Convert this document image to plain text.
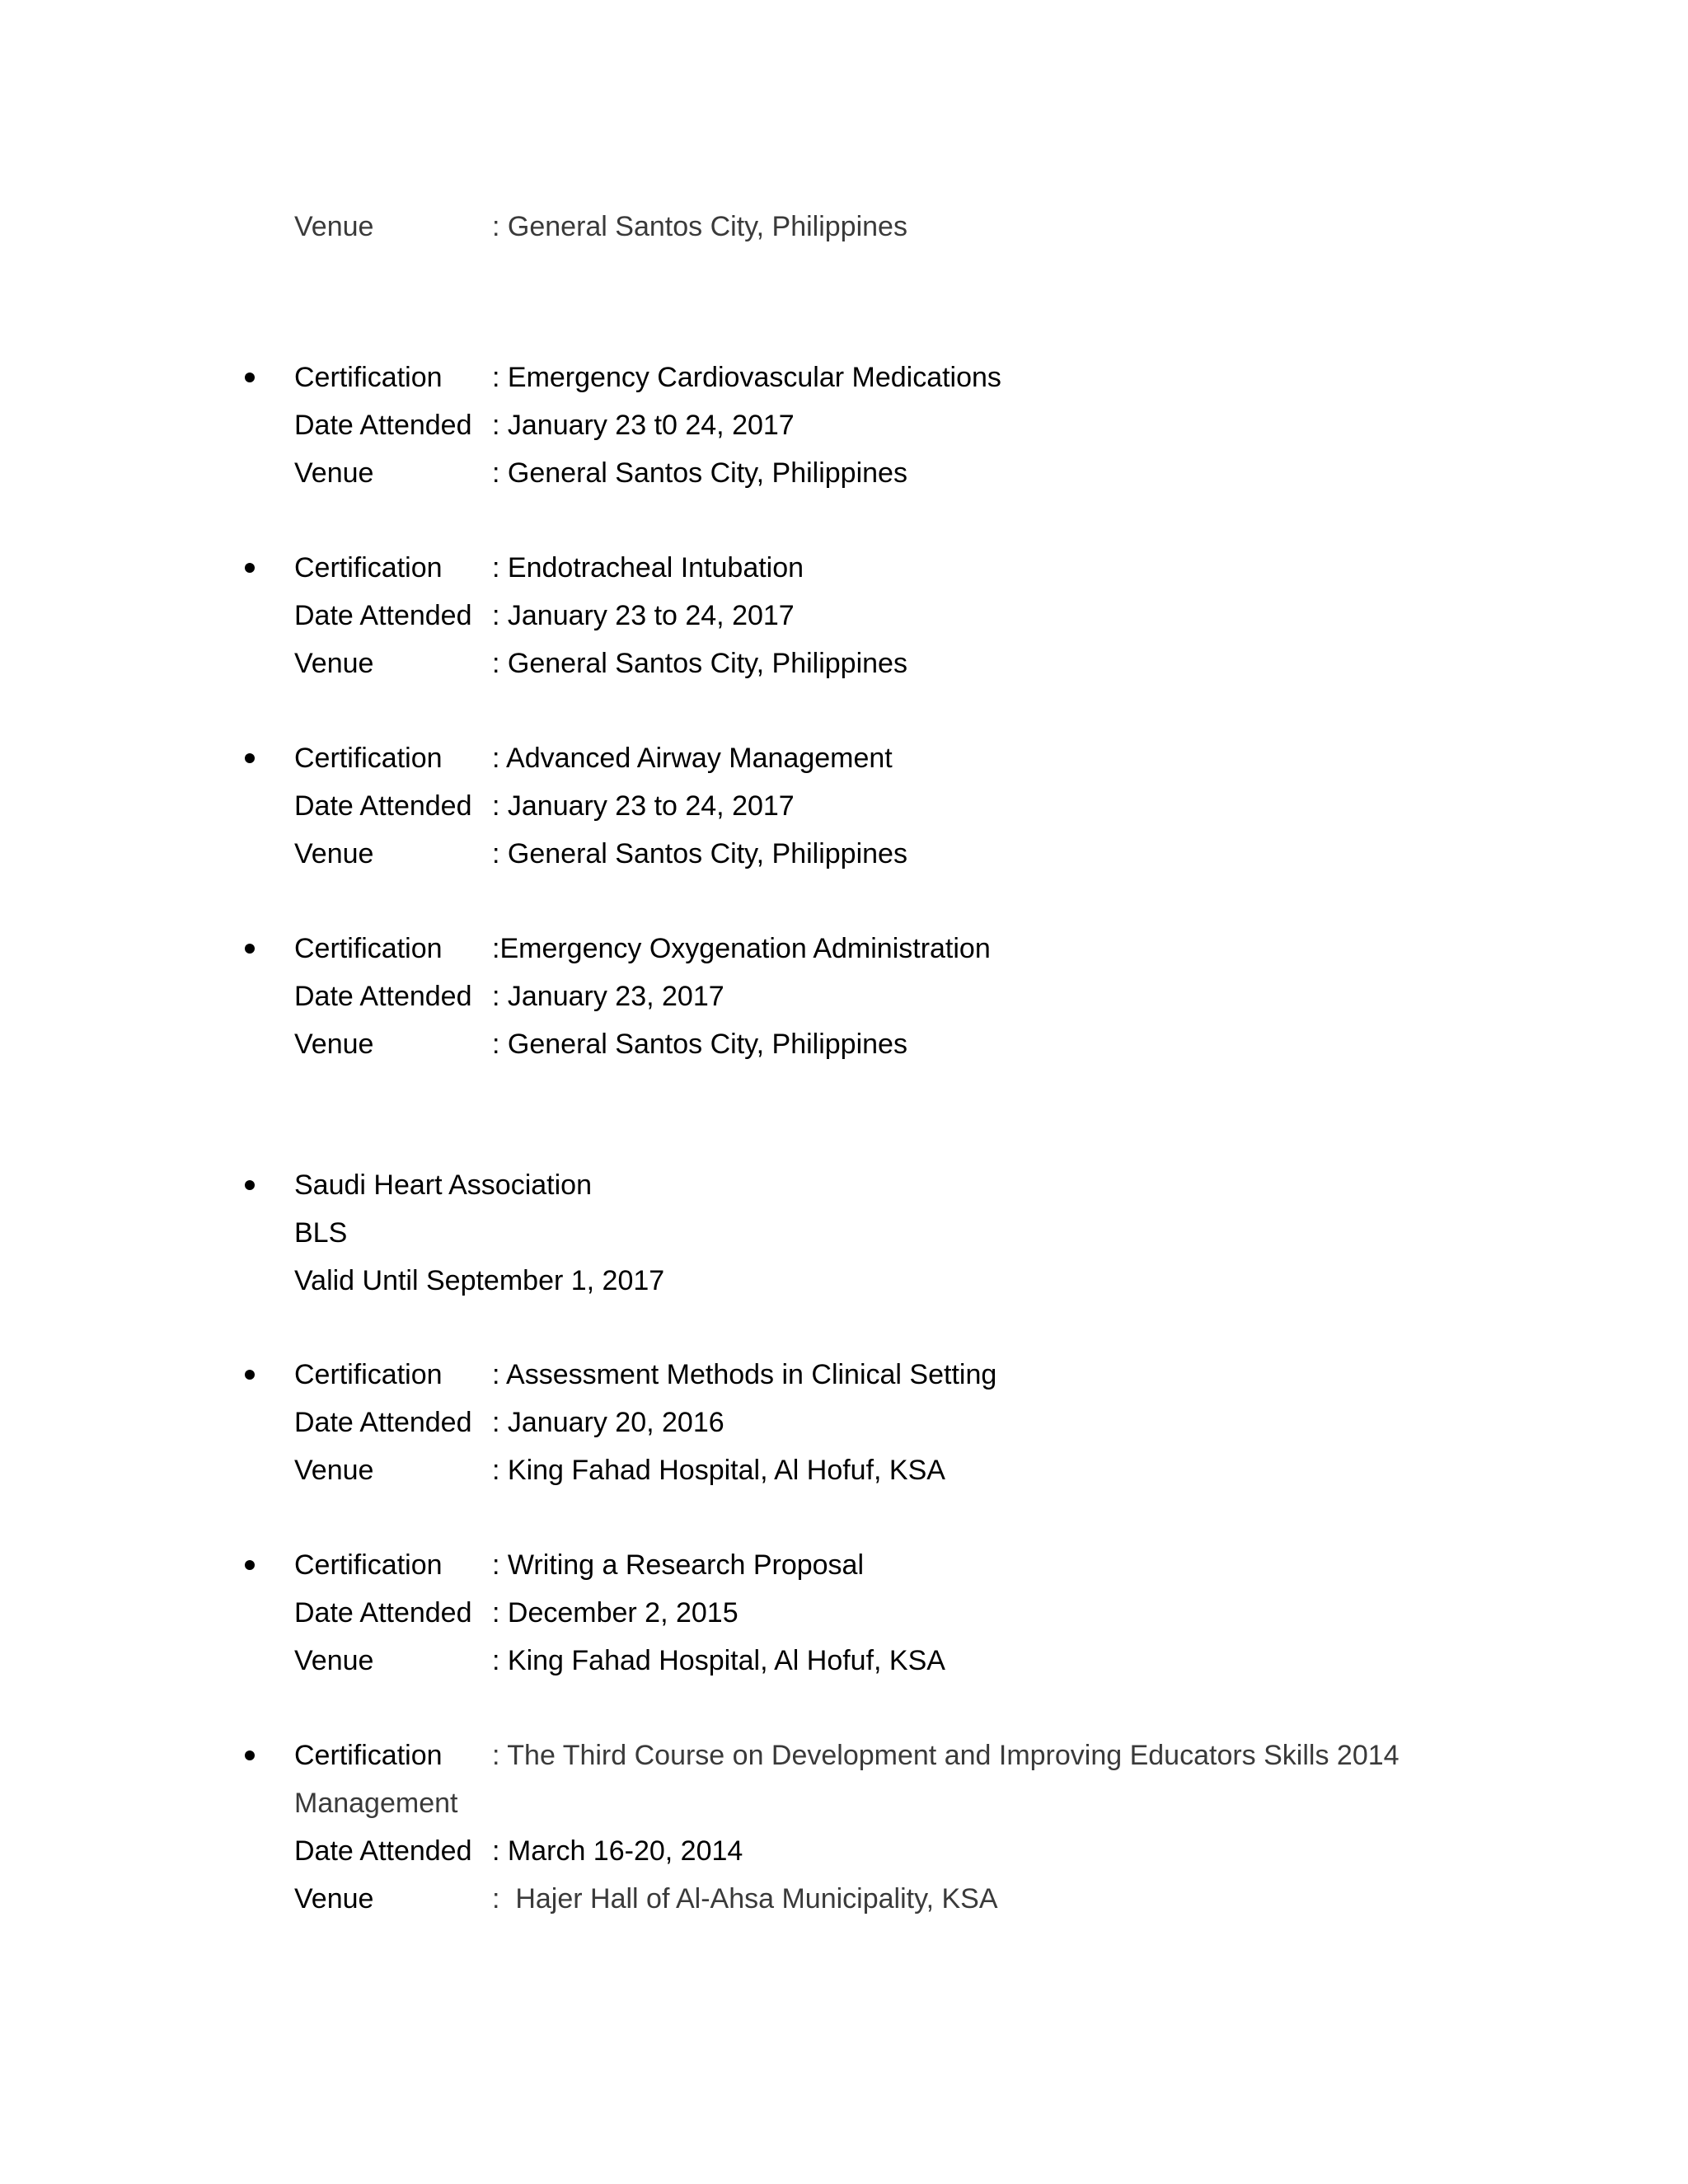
Venue	: General Santos City, Philippines
Certification : Emergency Cardiovascular Medications
Date Attended : January 23 t0 24, 2017
Venue	: General Santos City, Philippines
Certification : Endotracheal Intubation
Date Attended : January 23 to 24, 2017
Venue	: General Santos City, Philippines
Certification : Advanced Airway Management
Date Attended : January 23 to 24, 2017
Venue	: General Santos City, Philippines
Certification :Emergency Oxygenation Administration
Date Attended : January 23, 2017
Venue	: General Santos City, Philippines
Saudi Heart Association
BLS
Valid Until September 1, 2017
Certification : Assessment Methods in Clinical Setting
Date Attended : January 20, 2016
Venue	: King Fahad Hospital, Al Hofuf, KSA
Certification : Writing a Research Proposal
Date Attended : December 2, 2015
Venue	: King Fahad Hospital, Al Hofuf, KSA
Certification : The Third Course on Development and Improving Educators Skills 2014
Management
Date Attended : March 16-20, 2014
Venue	:  Hajer Hall of Al-Ahsa Municipality, KSA
